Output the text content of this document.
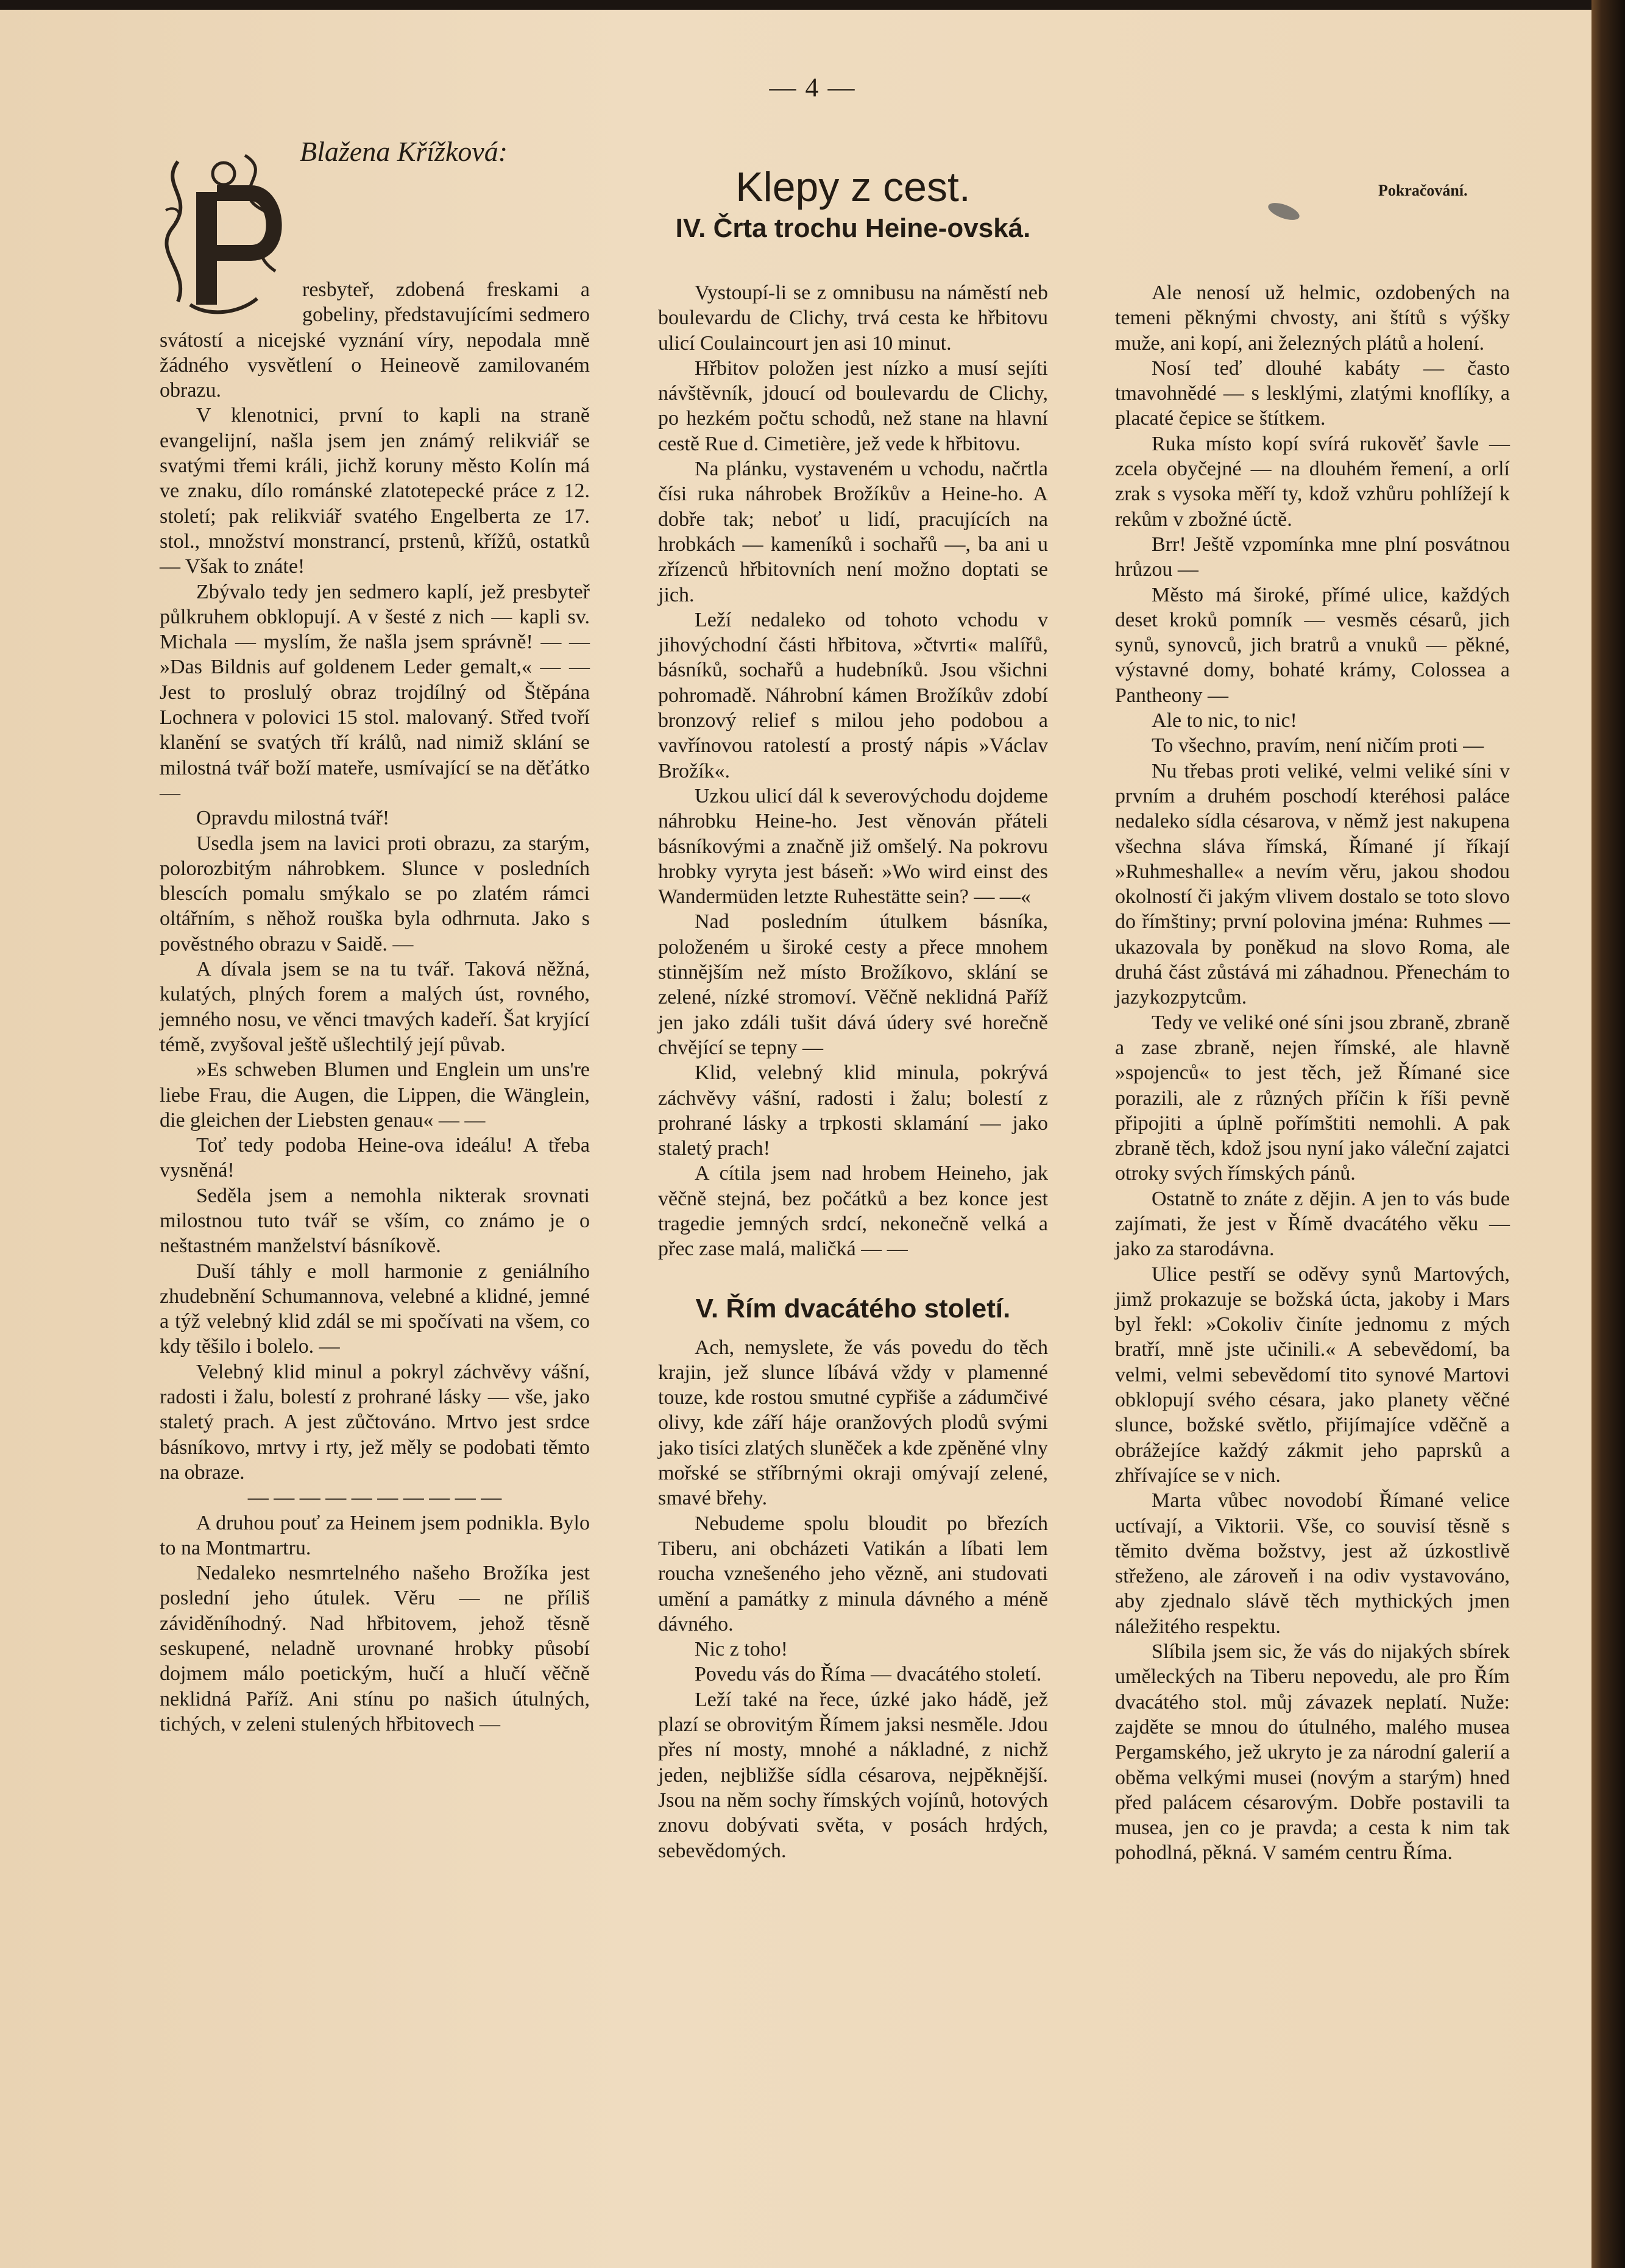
— 4 —
Blažena Křížková:
Klepy z cest.
IV. Črta trochu Heine-ovská.
Pokračování.
P

resbyteř, zdobená freskami a gobeliny, představujícími sedmero svátostí a nicejské vyznání víry, nepodala mně žádného vysvětlení o Heineově zamilovaném obrazu.

V klenotnici, první to kapli na straně evangelijní, našla jsem jen známý relikviář se svatými třemi králi, jichž koruny město Kolín má ve znaku, dílo románské zlatotepecké práce z 12. století; pak relikviář svatého Engelberta ze 17. stol., množství monstrancí, prstenů, křížů, ostatků — Však to znáte!

Zbývalo tedy jen sedmero kaplí, jež presbyteř půlkruhem obklopují. A v šesté z nich — kapli sv. Michala — myslím, že našla jsem správně! — — »Das Bildnis auf goldenem Leder gemalt,« — — Jest to proslulý obraz trojdílný od Štěpána Lochnera v polovici 15 stol. malovaný. Střed tvoří klanění se svatých tří králů, nad nimiž sklání se milostná tvář boží mateře, usmívající se na děťátko —

Opravdu milostná tvář!

Usedla jsem na lavici proti obrazu, za starým, polorozbitým náhrobkem. Slunce v posledních blescích pomalu smýkalo se po zlatém rámci oltářním, s něhož rouška byla odhrnuta. Jako s pověstného obrazu v Saidě. —

A dívala jsem se na tu tvář. Taková něžná, kulatých, plných forem a malých úst, rovného, jemného nosu, ve věnci tmavých kadeří. Šat kryjící témě, zvyšoval ještě ušlechtilý její půvab.

»Es schweben Blumen und Englein um uns're liebe Frau, die Augen, die Lippen, die Wänglein, die gleichen der Liebsten genau« — —

Toť tedy podoba Heine-ova ideálu! A třeba vysněná!

Seděla jsem a nemohla nikterak srovnati milostnou tuto tvář se vším, co známo je o neštastném manželství básníkově.

Duší táhly e moll harmonie z geniálního zhudebnění Schumannova, velebné a klidné, jemné a týž velebný klid zdál se mi spočívati na všem, co kdy těšilo i bolelo. —

Velebný klid minul a pokryl záchvěvy vášní, radosti i žalu, bolestí z prohrané lásky — vše, jako staletý prach. A jest zůčtováno. Mrtvo jest srdce básníkovo, mrtvy i rty, jež měly se podobati těmto na obraze.

— — — — — — — — — —

A druhou pouť za Heinem jsem podnikla. Bylo to na Montmartru.

Nedaleko nesmrtelného našeho Brožíka jest poslední jeho útulek. Věru — ne příliš záviděníhodný. Nad hřbitovem, jehož těsně seskupené, neladně urovnané hrobky působí dojmem málo poetickým, hučí a hlučí věčně neklidná Paříž. Ani stínu po našich útulných, tichých, v zeleni stulených hřbitovech —

Vystoupí-li se z omnibusu na náměstí neb boulevardu de Clichy, trvá cesta ke hřbitovu ulicí Coulaincourt jen asi 10 minut.

Hřbitov položen jest nízko a musí sejíti návštěvník, jdoucí od boulevardu de Clichy, po hezkém počtu schodů, než stane na hlavní cestě Rue d. Cimetière, jež vede k hřbitovu.

Na plánku, vystaveném u vchodu, načrtla čísi ruka náhrobek Brožíkův a Heine-ho. A dobře tak; neboť u lidí, pracujících na hrobkách — kameníků i sochařů —, ba ani u zřízenců hřbitovních není možno doptati se jich.

Leží nedaleko od tohoto vchodu v jihovýchodní části hřbitova, »čtvrti« malířů, básníků, sochařů a hudebníků. Jsou všichni pohromadě. Náhrobní kámen Brožíkův zdobí bronzový relief s milou jeho podobou a vavřínovou ratolestí a prostý nápis »Václav Brožík«.

Uzkou ulicí dál k severovýchodu dojdeme náhrobku Heine-ho. Jest věnován přáteli básníkovými a značně již omšelý. Na pokrovu hrobky vyryta jest báseň: »Wo wird einst des Wandermüden letzte Ruhestätte sein? — —«

Nad posledním útulkem básníka, položeném u široké cesty a přece mnohem stinnějším než místo Brožíkovo, sklání se zelené, nízké stromoví. Věčně neklidná Paříž jen jako zdáli tušit dává údery své horečně chvějící se tepny —

Klid, velebný klid minula, pokrývá záchvěvy vášní, radosti i žalu; bolestí z prohrané lásky a trpkosti sklamání — jako staletý prach!

A cítila jsem nad hrobem Heineho, jak věčně stejná, bez počátků a bez konce jest tragedie jemných srdcí, nekonečně velká a přec zase malá, maličká — —

V. Řím dvacátého století.

Ach, nemyslete, že vás povedu do těch krajin, jež slunce líbává vždy v plamenné touze, kde rostou smutné cypřiše a zádumčivé olivy, kde září háje oranžových plodů svými jako tisíci zlatých sluněček a kde zpěněné vlny mořské se stříbrnými okraji omývají zelené, smavé břehy.

Nebudeme spolu bloudit po březích Tiberu, ani obcházeti Vatikán a líbati lem roucha vznešeného jeho vězně, ani studovati umění a památky z minula dávného a méně dávného.

Nic z toho!

Povedu vás do Říma — dvacátého století.

Leží také na řece, úzké jako hádě, jež plazí se obrovitým Římem jaksi nesměle. Jdou přes ní mosty, mnohé a nákladné, z nichž jeden, nejbližše sídla césarova, nejpěknější. Jsou na něm sochy římských vojínů, hotových znovu dobývati světa, v posách hrdých, sebevědomých.

Ale nenosí už helmic, ozdobených na temeni pěknými chvosty, ani štítů s výšky muže, ani kopí, ani železných plátů a holení.

Nosí teď dlouhé kabáty — často tmavohnědé — s lesklými, zlatými knoflíky, a placaté čepice se štítkem.

Ruka místo kopí svírá rukověť šavle — zcela obyčejné — na dlouhém řemení, a orlí zrak s vysoka měří ty, kdož vzhůru pohlížejí k rekům v zbožné úctě.

Brr! Ještě vzpomínka mne plní posvátnou hrůzou —

Město má široké, přímé ulice, každých deset kroků pomník — vesměs césarů, jich synů, synovců, jich bratrů a vnuků — pěkné, výstavné domy, bohaté krámy, Colossea a Pantheony —

Ale to nic, to nic!

To všechno, pravím, není ničím proti —

Nu třebas proti veliké, velmi veliké síni v prvním a druhém poschodí kteréhosi paláce nedaleko sídla césarova, v němž jest nakupena všechna sláva římská, Římané jí říkají »Ruhmeshalle« a nevím věru, jakou shodou okolností či jakým vlivem dostalo se toto slovo do římštiny; první polovina jména: Ruhmes — ukazovala by poněkud na slovo Roma, ale druhá část zůstává mi záhadnou. Přenechám to jazykozpytcům.

Tedy ve veliké oné síni jsou zbraně, zbraně a zase zbraně, nejen římské, ale hlavně »spojenců« to jest těch, jež Římané sice porazili, ale z různých příčin k říši pevně připojiti a úplně pořímštiti nemohli. A pak zbraně těch, kdož jsou nyní jako váleční zajatci otroky svých římských pánů.

Ostatně to znáte z dějin. A jen to vás bude zajímati, že jest v Římě dvacátého věku — jako za starodávna.

Ulice pestří se oděvy synů Martových, jimž prokazuje se božská úcta, jakoby i Mars byl řekl: »Cokoliv činíte jednomu z mých bratří, mně jste učinili.« A sebevědomí, ba velmi, velmi sebevědomí tito synové Martovi obklopují svého césara, jako planety věčné slunce, božské světlo, přijímajíce vděčně a obrážejíce každý zákmit jeho paprsků a zhřívajíce se v nich.

Marta vůbec novodobí Římané velice uctívají, a Viktorii. Vše, co souvisí těsně s těmito dvěma božstvy, jest až úzkostlivě střeženo, ale zároveň i na odiv vystavováno, aby zjednalo slávě těch mythických jmen náležitého respektu.

Slíbila jsem sic, že vás do nijakých sbírek uměleckých na Tiberu nepovedu, ale pro Řím dvacátého stol. můj závazek neplatí. Nuže: zajděte se mnou do útulného, malého musea Pergamského, jež ukryto je za národní galerií a oběma velkými musei (novým a starým) hned před palácem césarovým. Dobře postavili ta musea, jen co je pravda; a cesta k nim tak pohodlná, pěkná. V samém centru Říma.
